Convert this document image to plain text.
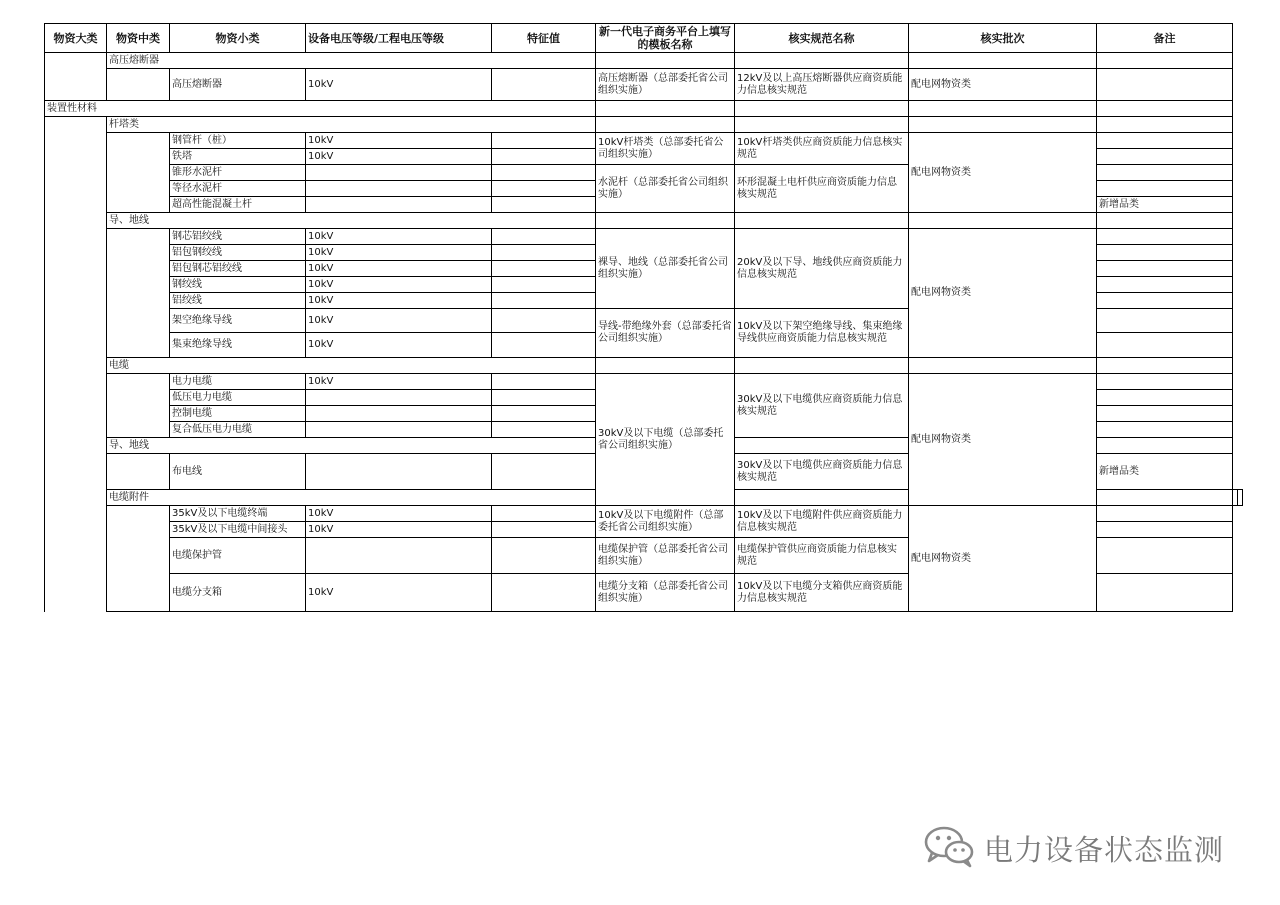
物资大类	物资中类	物资小类	设备电压等级/工程电压等级	特征值	新一代电子商务平台上填写的模板名称	核实规范名称	核实批次	备注		
	高压熔断器									
		高压熔断器	10kV		高压熔断器（总部委托省公司组织实施）	12kV及以上高压熔断器供应商资质能力信息核实规范	配电网物资类			
装置性材料										
	杆塔类									
		钢管杆（桩）	10kV		10kV杆塔类（总部委托省公司组织实施）	10kV杆塔类供应商资质能力信息核实规范	配电网物资类			
		铁塔	10kV							
		锥形水泥杆			水泥杆（总部委托省公司组织实施）	环形混凝土电杆供应商资质能力信息核实规范				
		等径水泥杆								
		超高性能混凝土杆						新增品类		
	导、地线									
		钢芯铝绞线	10kV		裸导、地线（总部委托省公司组织实施）	20kV及以下导、地线供应商资质能力信息核实规范	配电网物资类			
		铝包钢绞线	10kV							
		铝包钢芯铝绞线	10kV							
		钢绞线	10kV							
		铝绞线	10kV							
		架空绝缘导线	10kV		导线-带绝缘外套（总部委托省公司组织实施）	10kV及以下架空绝缘导线、集束绝缘导线供应商资质能力信息核实规范				
		集束绝缘导线	10kV							
	电缆									
		电力电缆	10kV		30kV及以下电缆（总部委托省公司组织实施）	30kV及以下电缆供应商资质能力信息核实规范	配电网物资类			
		低压电力电缆								
		控制电缆								
		复合低压电力电缆								
	导、地线									
		布电线				30kV及以下电缆供应商资质能力信息核实规范		新增品类		
	电缆附件									
		35kV及以下电缆终端	10kV		10kV及以下电缆附件（总部委托省公司组织实施）	10kV及以下电缆附件供应商资质能力信息核实规范	配电网物资类			
		35kV及以下电缆中间接头	10kV							
		电缆保护管			电缆保护管（总部委托省公司组织实施）	电缆保护管供应商资质能力信息核实规范				
		电缆分支箱	10kV		电缆分支箱（总部委托省公司组织实施）	10kV及以下电缆分支箱供应商资质能力信息核实规范				
电力设备状态监测
